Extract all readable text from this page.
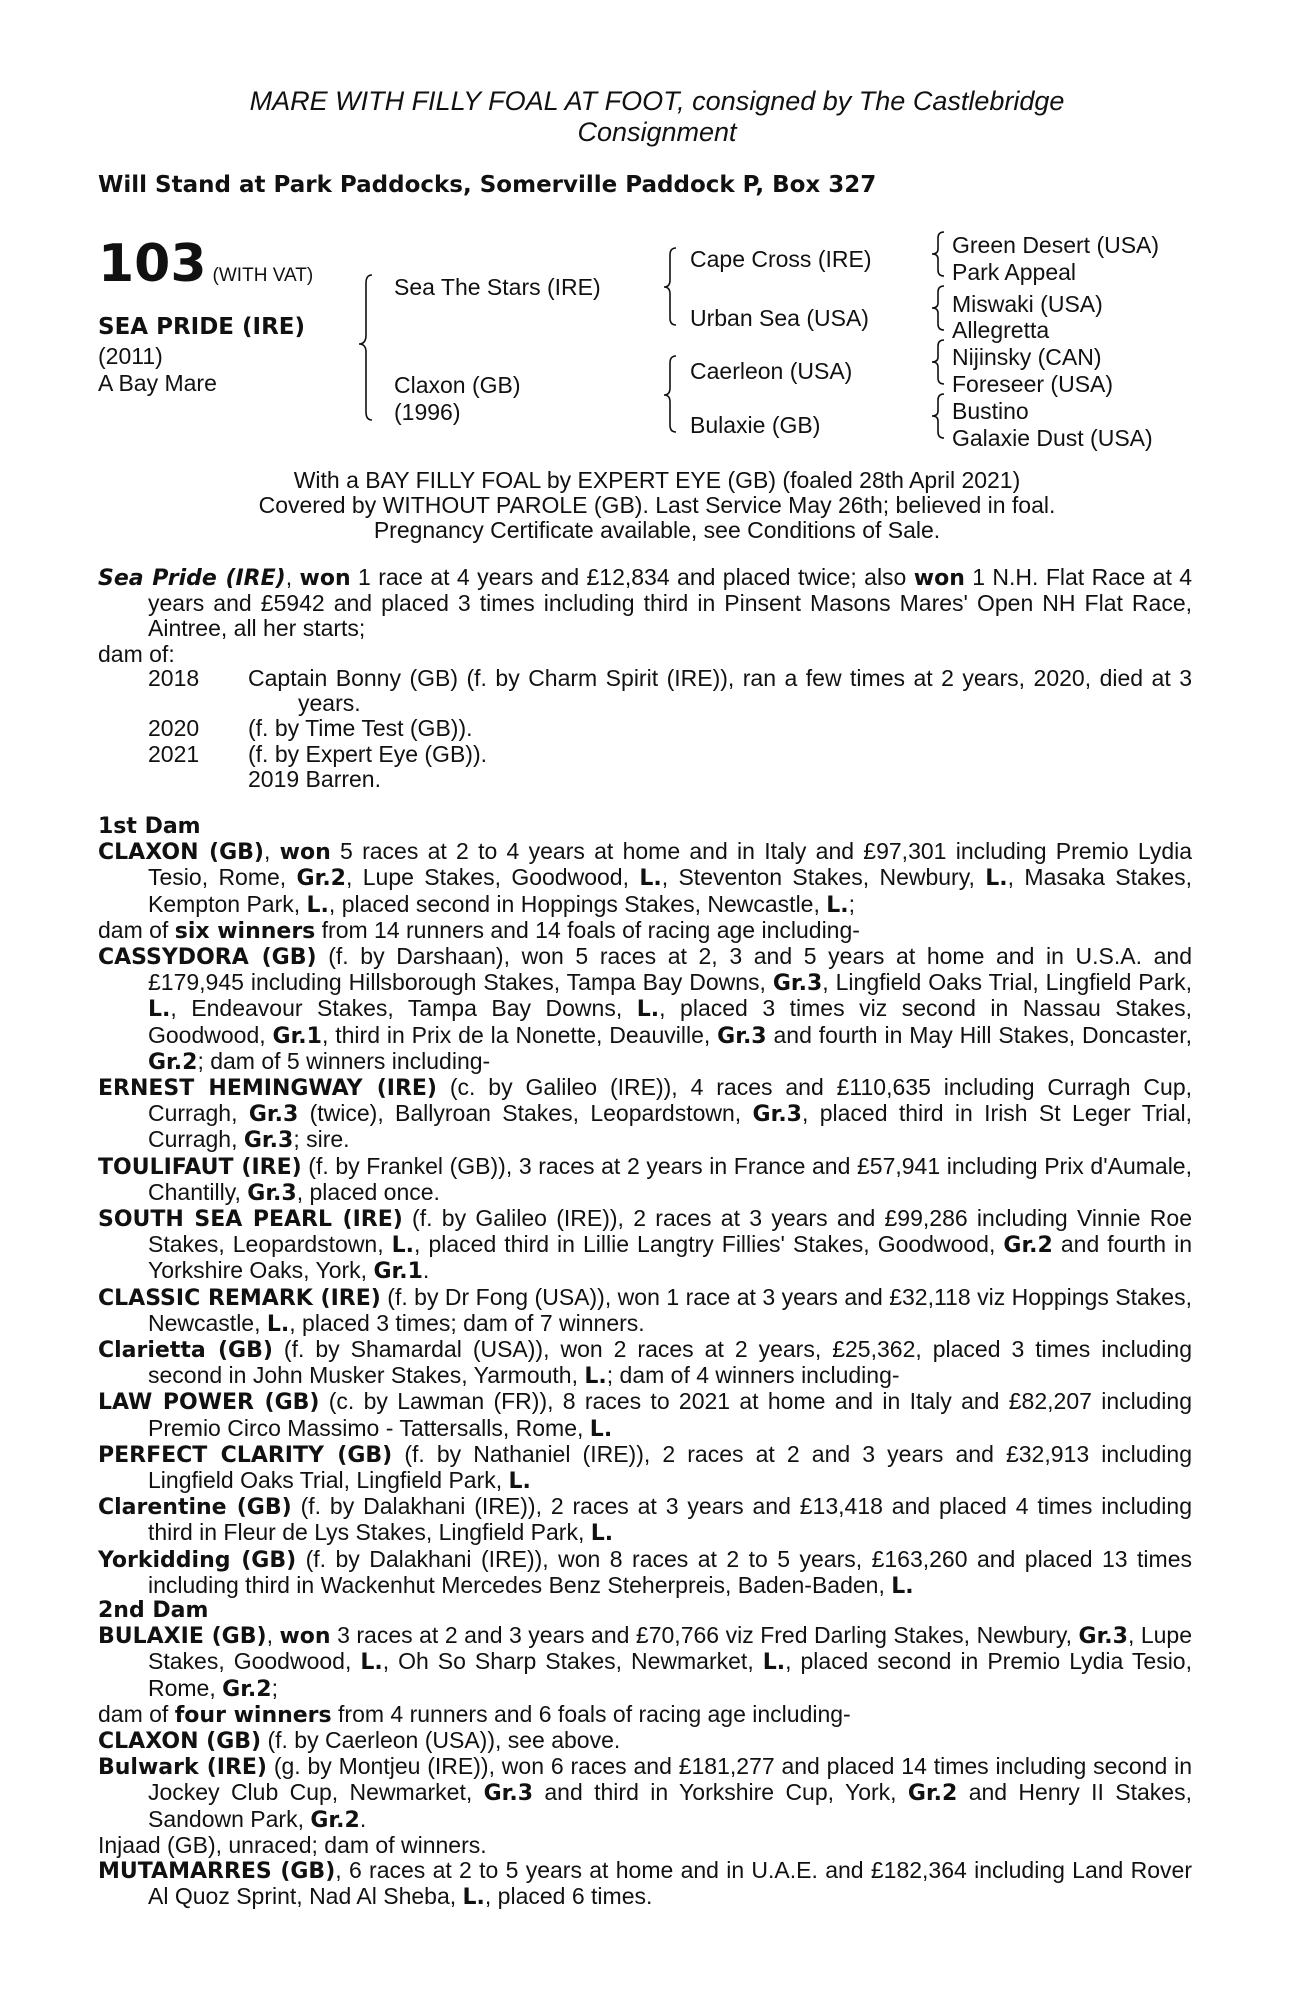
MARE WITH FILLY FOAL AT FOOT, consigned by The Castlebridge
Consignment
Will Stand at Park Paddocks, Somerville Paddock P, Box 327
103 (WITH VAT)
SEA PRIDE (IRE)
(2011)
A Bay Mare
Sea The Stars (IRE)
Claxon (GB)
(1996)
Cape Cross (IRE)
Urban Sea (USA)
Caerleon (USA)
Bulaxie (GB)
Green Desert (USA)
Park Appeal
Miswaki (USA)
Allegretta
Nijinsky (CAN)
Foreseer (USA)
Bustino
Galaxie Dust (USA)
With a BAY FILLY FOAL by EXPERT EYE (GB) (foaled 28th April 2021)
Covered by WITHOUT PAROLE (GB). Last Service May 26th; believed in foal.
Pregnancy Certificate available, see Conditions of Sale.

Sea Pride (IRE), won 1 race at 4 years and £12,834 and placed twice; also won 1 N.H. Flat Race at 4 years and £5942 and placed 3 times including third in Pinsent Masons Mares' Open NH Flat Race, Aintree, all her starts;

dam of:

2018	Captain Bonny (GB) (f. by Charm Spirit (IRE)), ran a few times at 2 years, 2020, died at 3 years.
2020	(f. by Time Test (GB)).
2021	(f. by Expert Eye (GB)).
2019 Barren.

1st Dam

CLAXON (GB), won 5 races at 2 to 4 years at home and in Italy and £97,301 including Premio Lydia Tesio, Rome, Gr.2, Lupe Stakes, Goodwood, L., Steventon Stakes, Newbury, L., Masaka Stakes, Kempton Park, L., placed second in Hoppings Stakes, Newcastle, L.;

dam of six winners from 14 runners and 14 foals of racing age including-

CASSYDORA (GB) (f. by Darshaan), won 5 races at 2, 3 and 5 years at home and in U.S.A. and £179,945 including Hillsborough Stakes, Tampa Bay Downs, Gr.3, Lingfield Oaks Trial, Lingfield Park, L., Endeavour Stakes, Tampa Bay Downs, L., placed 3 times viz second in Nassau Stakes, Goodwood, Gr.1, third in Prix de la Nonette, Deauville, Gr.3 and fourth in May Hill Stakes, Doncaster, Gr.2; dam of 5 winners including-

ERNEST HEMINGWAY (IRE) (c. by Galileo (IRE)), 4 races and £110,635 including Curragh Cup, Curragh, Gr.3 (twice), Ballyroan Stakes, Leopardstown, Gr.3, placed third in Irish St Leger Trial, Curragh, Gr.3; sire.

TOULIFAUT (IRE) (f. by Frankel (GB)), 3 races at 2 years in France and £57,941 including Prix d'Aumale, Chantilly, Gr.3, placed once.

SOUTH SEA PEARL (IRE) (f. by Galileo (IRE)), 2 races at 3 years and £99,286 including Vinnie Roe Stakes, Leopardstown, L., placed third in Lillie Langtry Fillies' Stakes, Goodwood, Gr.2 and fourth in Yorkshire Oaks, York, Gr.1.

CLASSIC REMARK (IRE) (f. by Dr Fong (USA)), won 1 race at 3 years and £32,118 viz Hoppings Stakes, Newcastle, L., placed 3 times; dam of 7 winners.

Clarietta (GB) (f. by Shamardal (USA)), won 2 races at 2 years, £25,362, placed 3 times including second in John Musker Stakes, Yarmouth, L.; dam of 4 winners including-

LAW POWER (GB) (c. by Lawman (FR)), 8 races to 2021 at home and in Italy and £82,207 including Premio Circo Massimo - Tattersalls, Rome, L.

PERFECT CLARITY (GB) (f. by Nathaniel (IRE)), 2 races at 2 and 3 years and £32,913 including Lingfield Oaks Trial, Lingfield Park, L.

Clarentine (GB) (f. by Dalakhani (IRE)), 2 races at 3 years and £13,418 and placed 4 times including third in Fleur de Lys Stakes, Lingfield Park, L.

Yorkidding (GB) (f. by Dalakhani (IRE)), won 8 races at 2 to 5 years, £163,260 and placed 13 times including third in Wackenhut Mercedes Benz Steherpreis, Baden-Baden, L.

2nd Dam

BULAXIE (GB), won 3 races at 2 and 3 years and £70,766 viz Fred Darling Stakes, Newbury, Gr.3, Lupe Stakes, Goodwood, L., Oh So Sharp Stakes, Newmarket, L., placed second in Premio Lydia Tesio, Rome, Gr.2;

dam of four winners from 4 runners and 6 foals of racing age including-

CLAXON (GB) (f. by Caerleon (USA)), see above.

Bulwark (IRE) (g. by Montjeu (IRE)), won 6 races and £181,277 and placed 14 times including second in Jockey Club Cup, Newmarket, Gr.3 and third in Yorkshire Cup, York, Gr.2 and Henry II Stakes, Sandown Park, Gr.2.

Injaad (GB), unraced; dam of winners.

MUTAMARRES (GB), 6 races at 2 to 5 years at home and in U.A.E. and £182,364 including Land Rover Al Quoz Sprint, Nad Al Sheba, L., placed 6 times.
